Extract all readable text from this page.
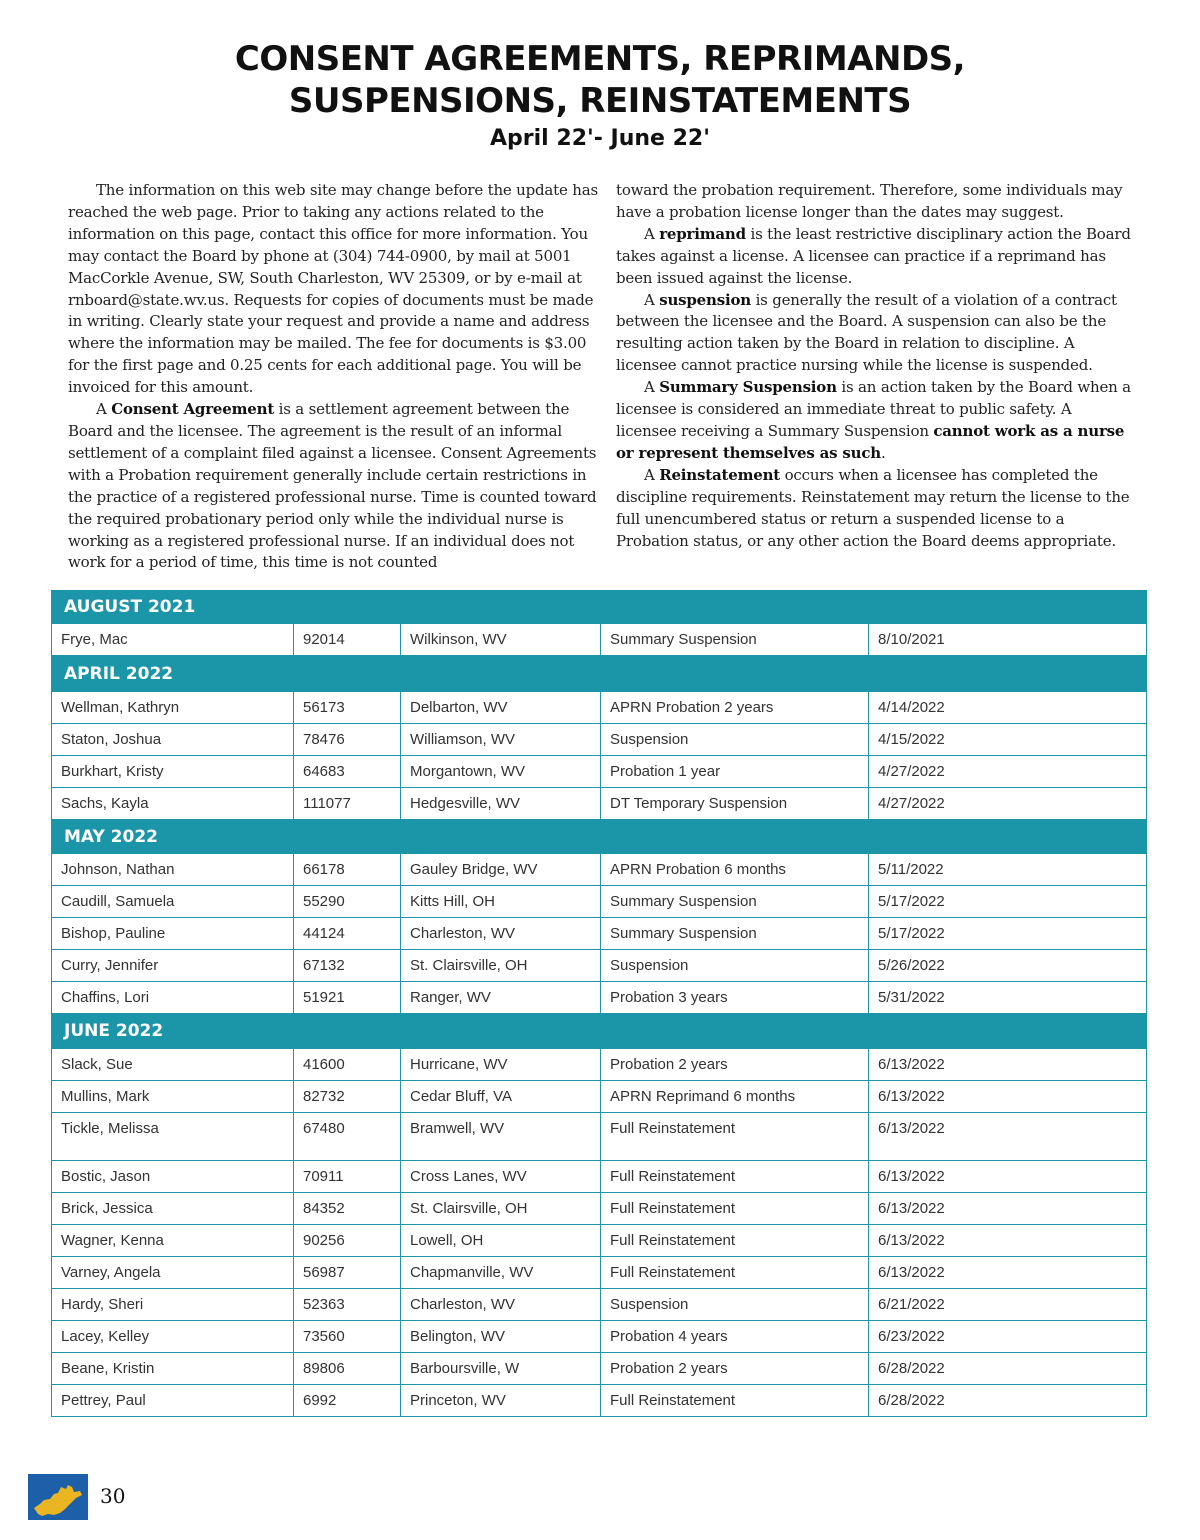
CONSENT AGREEMENTS, REPRIMANDS,
SUSPENSIONS, REINSTATEMENTS
April 22'- June 22'

The information on this web site may change before the update has reached the web page. Prior to taking any actions related to the information on this page, contact this office for more information. You may contact the Board by phone at (304) 744-0900, by mail at 5001 MacCorkle Avenue, SW, South Charleston, WV 25309, or by e-mail at rnboard@state.wv.us. Requests for copies of documents must be made in writing. Clearly state your request and provide a name and address where the information may be mailed. The fee for documents is $3.00 for the first page and 0.25 cents for each additional page. You will be invoiced for this amount.

A Consent Agreement is a settlement agreement between the Board and the licensee. The agreement is the result of an informal settlement of a complaint filed against a licensee. Consent Agreements with a Probation requirement generally include certain restrictions in the practice of a registered professional nurse. Time is counted toward the required probationary period only while the individual nurse is working as a registered professional nurse. If an individual does not work for a period of time, this time is not counted

toward the probation requirement. Therefore, some individuals may have a probation license longer than the dates may suggest.

A reprimand is the least restrictive disciplinary action the Board takes against a license. A licensee can practice if a reprimand has been issued against the license.

A suspension is generally the result of a violation of a contract between the licensee and the Board. A suspension can also be the resulting action taken by the Board in relation to discipline. A licensee cannot practice nursing while the license is suspended.

A Summary Suspension is an action taken by the Board when a licensee is considered an immediate threat to public safety. A licensee receiving a Summary Suspension cannot work as a nurse or represent themselves as such.

A Reinstatement occurs when a licensee has completed the discipline requirements. Reinstatement may return the license to the full unencumbered status or return a suspended license to a Probation status, or any other action the Board deems appropriate.

AUGUST 2021				
Frye, Mac	92014	Wilkinson, WV	Summary Suspension	8/10/2021
APRIL 2022				
Wellman, Kathryn	56173	Delbarton, WV	APRN Probation 2 years	4/14/2022
Staton, Joshua	78476	Williamson, WV	Suspension	4/15/2022
Burkhart, Kristy	64683	Morgantown, WV	Probation 1 year	4/27/2022
Sachs, Kayla	111077	Hedgesville, WV	DT Temporary Suspension	4/27/2022
MAY 2022				
Johnson, Nathan	66178	Gauley Bridge, WV	APRN Probation 6 months	5/11/2022
Caudill, Samuela	55290	Kitts Hill, OH	Summary Suspension	5/17/2022
Bishop, Pauline	44124	Charleston, WV	Summary Suspension	5/17/2022
Curry, Jennifer	67132	St. Clairsville, OH	Suspension	5/26/2022
Chaffins, Lori	51921	Ranger, WV	Probation 3 years	5/31/2022
JUNE 2022				
Slack, Sue	41600	Hurricane, WV	Probation 2 years	6/13/2022
Mullins, Mark	82732	Cedar Bluff, VA	APRN Reprimand 6 months	6/13/2022
Tickle, Melissa	67480	Bramwell, WV	Full Reinstatement	6/13/2022
Bostic, Jason	70911	Cross Lanes, WV	Full Reinstatement	6/13/2022
Brick, Jessica	84352	St. Clairsville, OH	Full Reinstatement	6/13/2022
Wagner, Kenna	90256	Lowell, OH	Full Reinstatement	6/13/2022
Varney, Angela	56987	Chapmanville, WV	Full Reinstatement	6/13/2022
Hardy, Sheri	52363	Charleston, WV	Suspension	6/21/2022
Lacey, Kelley	73560	Belington, WV	Probation 4 years	6/23/2022
Beane, Kristin	89806	Barboursville, W	Probation 2 years	6/28/2022
Pettrey, Paul	6992	Princeton, WV	Full Reinstatement	6/28/2022
30
